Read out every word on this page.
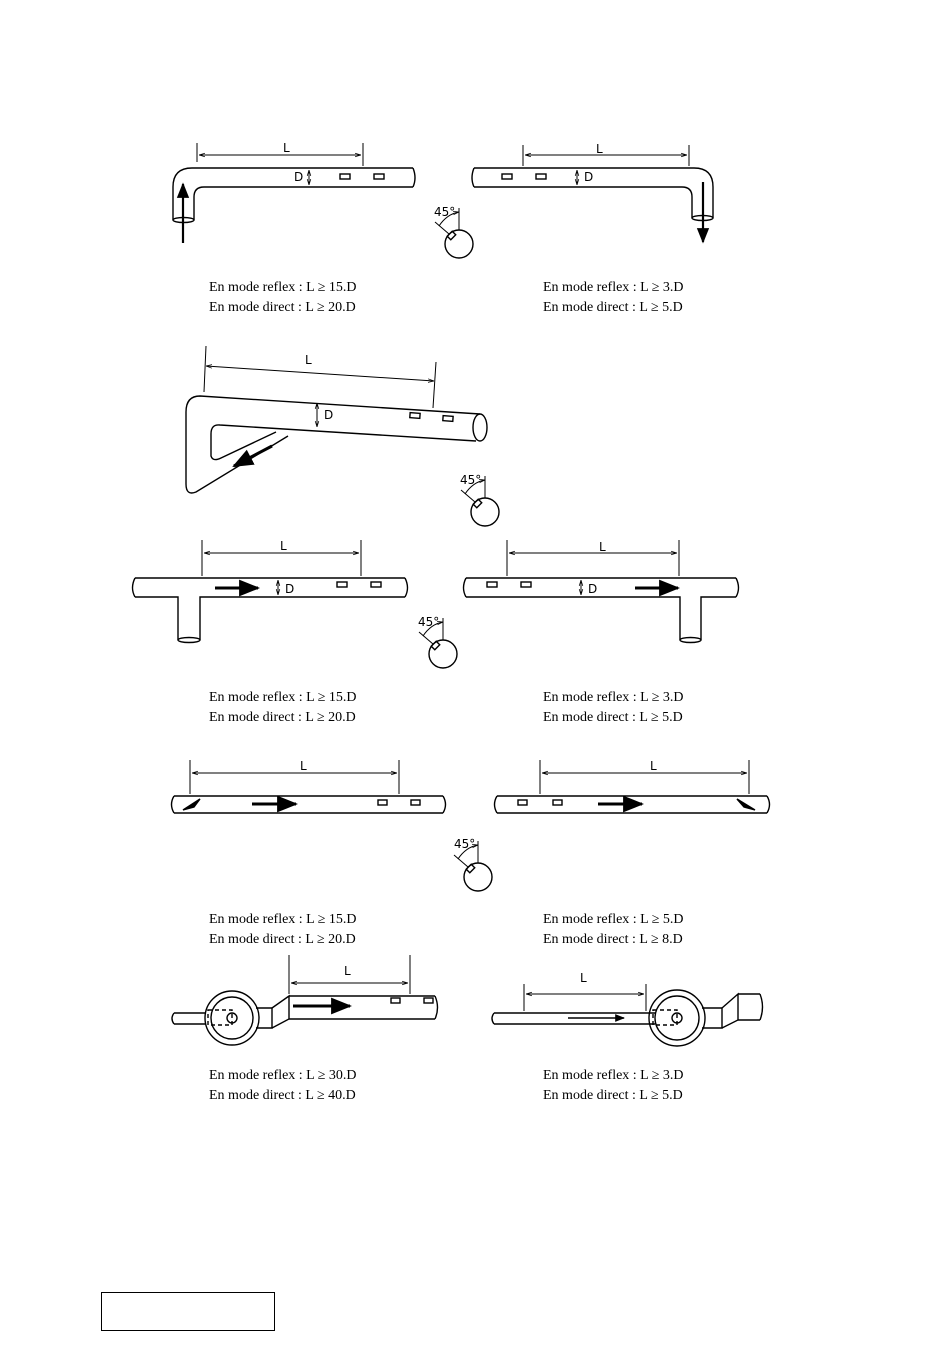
L
D
L
D
45°
L
D
45°
L
D
L
D
45°
L	L
45°
L	L
En mode reflex : L ≥ 15.D
En mode direct : L ≥ 20.D
En mode reflex : L ≥ 3.D
En mode direct : L ≥ 5.D
En mode reflex : L ≥ 15.D
En mode direct : L ≥ 20.D
En mode reflex : L ≥ 3.D
En mode direct : L ≥ 5.D
En mode reflex : L ≥ 15.D
En mode direct : L ≥ 20.D
En mode reflex : L ≥ 5.D
En mode direct : L ≥ 8.D
En mode reflex : L ≥ 30.D
En mode direct : L ≥ 40.D
En mode reflex : L ≥ 3.D
En mode direct : L ≥ 5.D
